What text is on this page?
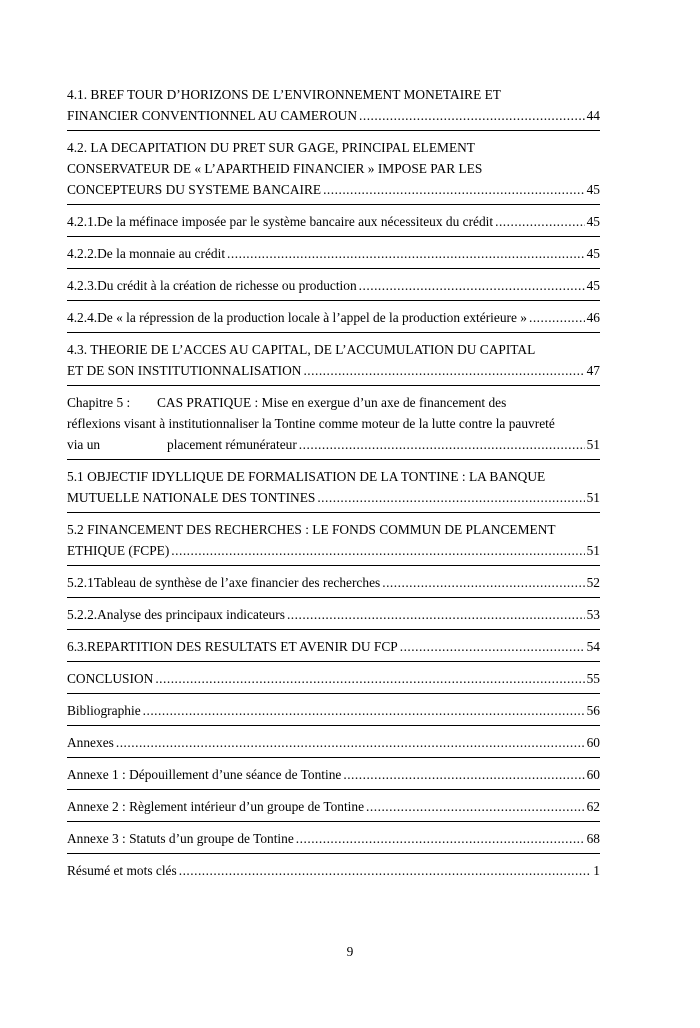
4.1. BREF TOUR D’HORIZONS DE L’ENVIRONNEMENT MONETAIRE ET
FINANCIER CONVENTIONNEL AU CAMEROUN .....	44
4.2. LA DECAPITATION DU PRET SUR GAGE, PRINCIPAL ELEMENT
CONSERVATEUR DE « L’APARTHEID FINANCIER » IMPOSE PAR LES
CONCEPTEURS DU SYSTEME BANCAIRE .....	45
4.2.1. De la méfinace imposée par le système bancaire aux nécessiteux du crédit .....	45
4.2.2. De la monnaie au crédit .....	45
4.2.3. Du crédit à la création de richesse ou production .....	45
4.2.4. De « la répression de la production locale à l’appel de la production extérieure » .....	46
4.3. THEORIE DE L’ACCES AU CAPITAL, DE L’ACCUMULATION DU CAPITAL
ET DE SON INSTITUTIONNALISATION .....	47
Chapitre 5 :        CAS PRATIQUE : Mise en exergue d’un axe de financement des
réflexions visant à institutionnaliser la Tontine comme moteur de la lutte contre la pauvreté
via un                    placement rémunérateur .....	51
5.1 OBJECTIF IDYLLIQUE DE FORMALISATION DE LA TONTINE : LA BANQUE
MUTUELLE NATIONALE DES TONTINES .....	51
5.2 FINANCEMENT DES RECHERCHES : LE FONDS COMMUN DE PLANCEMENT
ETHIQUE (FCPE) .....	51
5.2.1 Tableau de synthèse de l’axe financier des recherches .....	52
5.2.2. Analyse des principaux indicateurs .....	53
6.3. REPARTITION DES RESULTATS ET AVENIR DU FCP .....	54
CONCLUSION .....	55
Bibliographie .....	56
Annexes .....	60
Annexe 1 : Dépouillement d’une séance de Tontine .....	60
Annexe 2 : Règlement intérieur d’un groupe de Tontine .....	62
Annexe 3 : Statuts d’un groupe de Tontine .....	68
Résumé et mots clés .....	1
9
